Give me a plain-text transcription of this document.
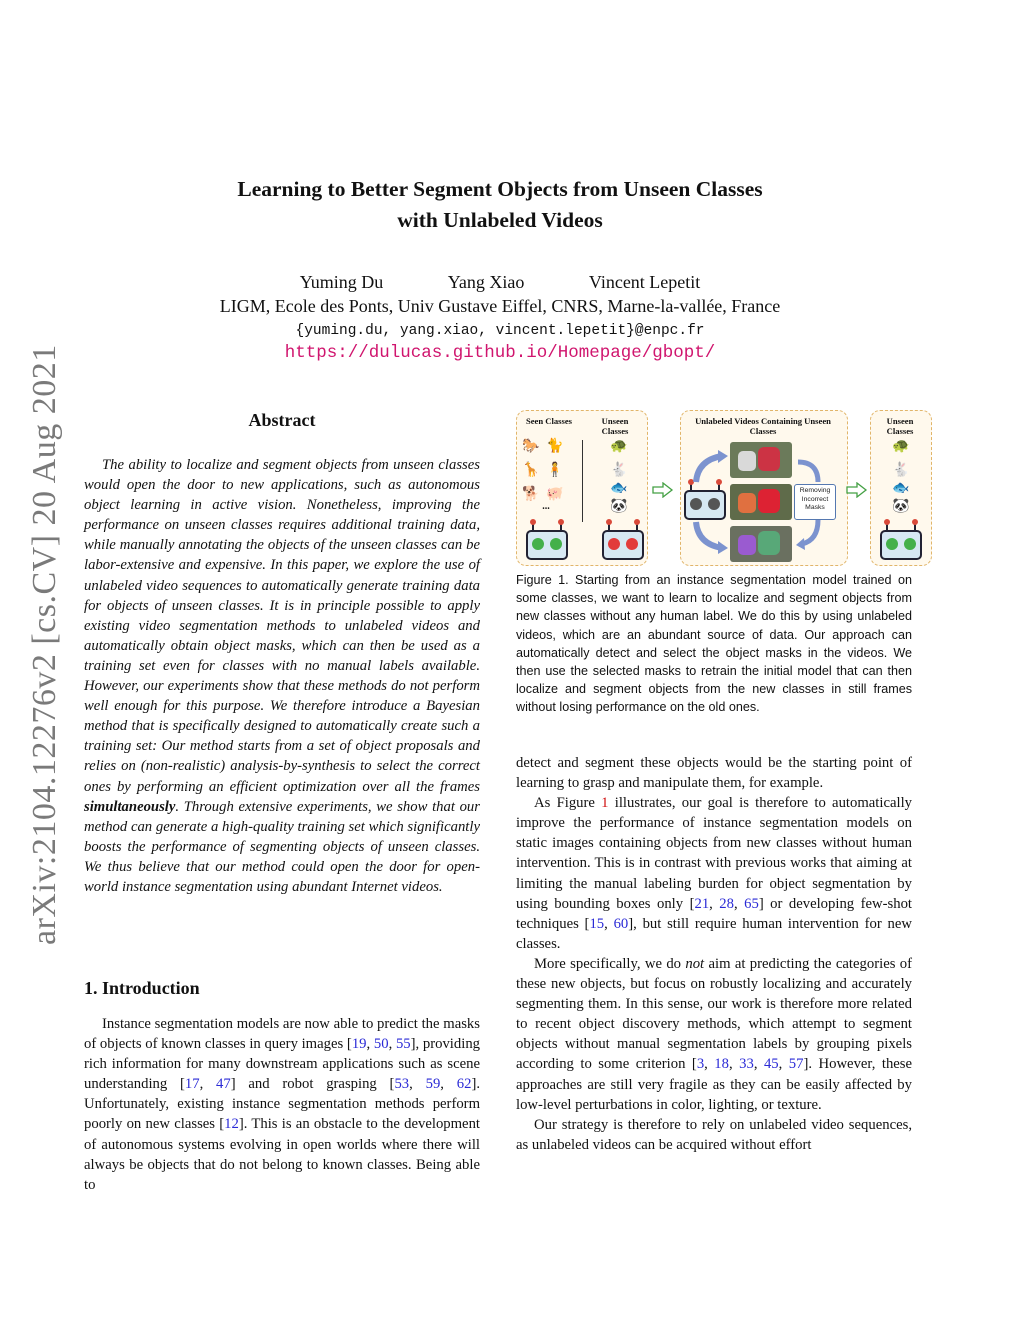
arXiv:2104.12276v2 [cs.CV] 20 Aug 2021
Learning to Better Segment Objects from Unseen Classes
with Unlabeled Videos
Yuming Du	Yang Xiao	Vincent Lepetit
LIGM, Ecole des Ponts, Univ Gustave Eiffel, CNRS, Marne-la-vallée, France
{yuming.du, yang.xiao, vincent.lepetit}@enpc.fr
https://dulucas.github.io/Homepage/gbopt/
Abstract

The ability to localize and segment objects from unseen classes would open the door to new applications, such as autonomous object learning in active vision. Nonetheless, improving the performance on unseen classes requires additional training data, while manually annotating the objects of the unseen classes can be labor-extensive and expensive. In this paper, we explore the use of unlabeled video sequences to automatically generate training data for objects of unseen classes. It is in principle possible to apply existing video segmentation methods to unlabeled videos and automatically obtain object masks, which can then be used as a training set even for classes with no manual labels available. However, our experiments show that these methods do not perform well enough for this purpose. We therefore introduce a Bayesian method that is specifically designed to automatically create such a training set: Our method starts from a set of object proposals and relies on (non-realistic) analysis-by-synthesis to select the correct ones by performing an efficient optimization over all the frames simultaneously. Through extensive experiments, we show that our method can generate a high-quality training set which significantly boosts the performance of segmenting objects of unseen classes. We thus believe that our method could open the door for open-world instance segmentation using abundant Internet videos.

1. Introduction

Instance segmentation models are now able to predict the masks of objects of known classes in query images [19, 50, 55], providing rich information for many downstream applications such as scene understanding [17, 47] and robot grasping [53, 59, 62]. Unfortunately, existing instance segmentation methods perform poorly on new classes [12]. This is an obstacle to the development of autonomous systems evolving in open worlds where there will always be objects that do not belong to known classes. Being able to

Seen Classes	Unseen Classes
🐎 🐈
🦒 🧍
🐕 🐖
...
🐢
🐇
🐟
🐼
Unlabeled Videos Containing Unseen Classes
Removing Incorrect Masks
Unseen Classes
🐢
🐇
🐟
🐼
Figure 1. Starting from an instance segmentation model trained on some classes, we want to learn to localize and segment objects from new classes without any human label. We do this by using unlabeled videos, which are an abundant source of data. Our approach can automatically detect and select the object masks in the videos. We then use the selected masks to retrain the initial model that can then localize and segment objects from the new classes in still frames without losing performance on the old ones.

detect and segment these objects would be the starting point of learning to grasp and manipulate them, for example.

As Figure 1 illustrates, our goal is therefore to automatically improve the performance of instance segmentation models on static images containing objects from new classes without human intervention. This is in contrast with previous works that aiming at limiting the manual labeling burden for object segmentation by using bounding boxes only [21, 28, 65] or developing few-shot techniques [15, 60], but still require human intervention for new classes.

More specifically, we do not aim at predicting the categories of these new objects, but focus on robustly localizing and accurately segmenting them. In this sense, our work is therefore more related to recent object discovery methods, which attempt to segment objects without manual segmentation labels by grouping pixels according to some criterion [3, 18, 33, 45, 57]. However, these approaches are still very fragile as they can be easily affected by low-level perturbations in color, lighting, or texture.

Our strategy is therefore to rely on unlabeled video sequences, as unlabeled videos can be acquired without effort
